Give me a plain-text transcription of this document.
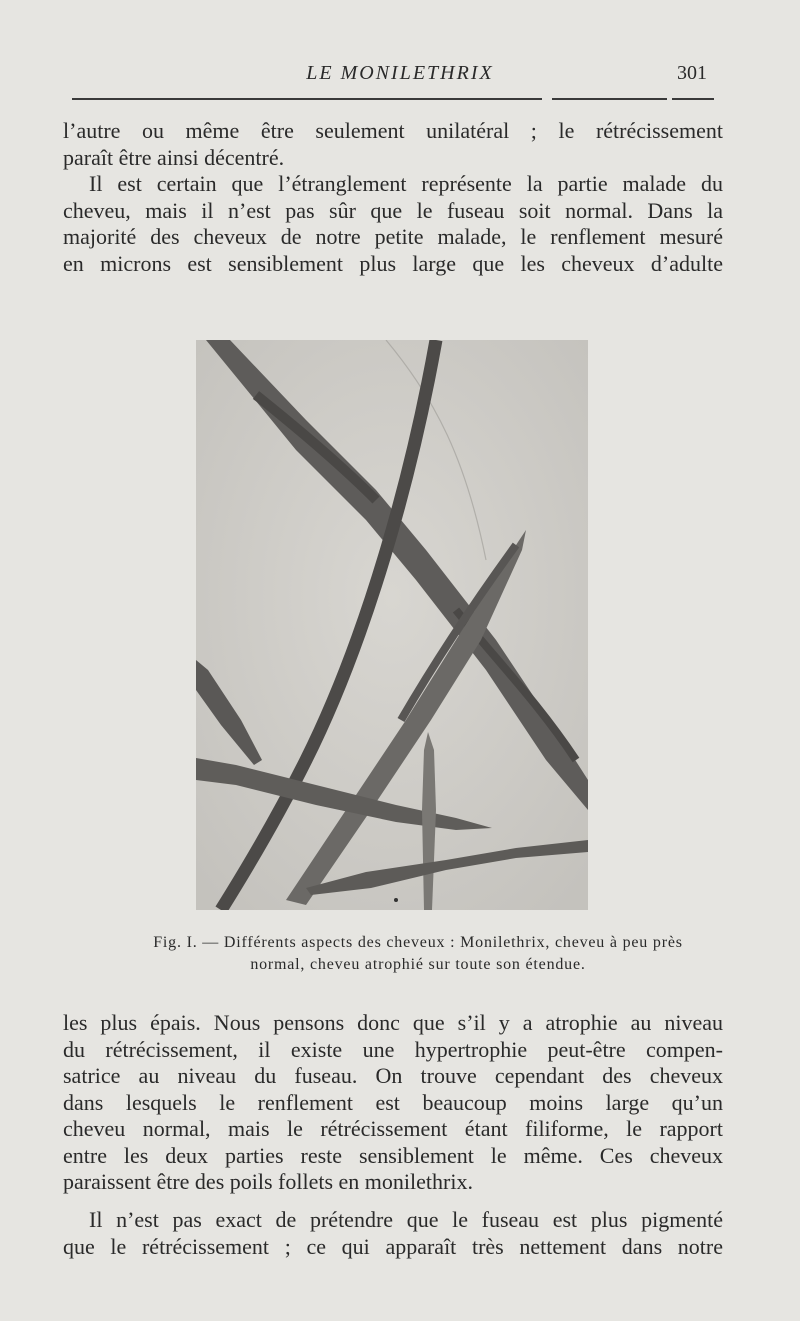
LE MONILETHRIX	301

l’autre ou même être seulement unilatéral ; le rétrécissement
paraît être ainsi décentré.

Il est certain que l’étranglement représente la partie malade du
cheveu, mais il n’est pas sûr que le fuseau soit normal. Dans la
majorité des cheveux de notre petite malade, le renflement mesuré
en microns est sensiblement plus large que les cheveux d’adulte

Fig. I. — Différents aspects des cheveux : Monilethrix, cheveu à peu près
normal, cheveu atrophié sur toute son étendue.

les plus épais. Nous pensons donc que s’il y a atrophie au niveau
du rétrécissement, il existe une hypertrophie peut-être compen-
satrice au niveau du fuseau. On trouve cependant des cheveux
dans lesquels le renflement est beaucoup moins large qu’un
cheveu normal, mais le rétrécissement étant filiforme, le rapport
entre les deux parties reste sensiblement le même. Ces cheveux
paraissent être des poils follets en monilethrix.

Il n’est pas exact de prétendre que le fuseau est plus pigmenté
que le rétrécissement ; ce qui apparaît très nettement dans notre
